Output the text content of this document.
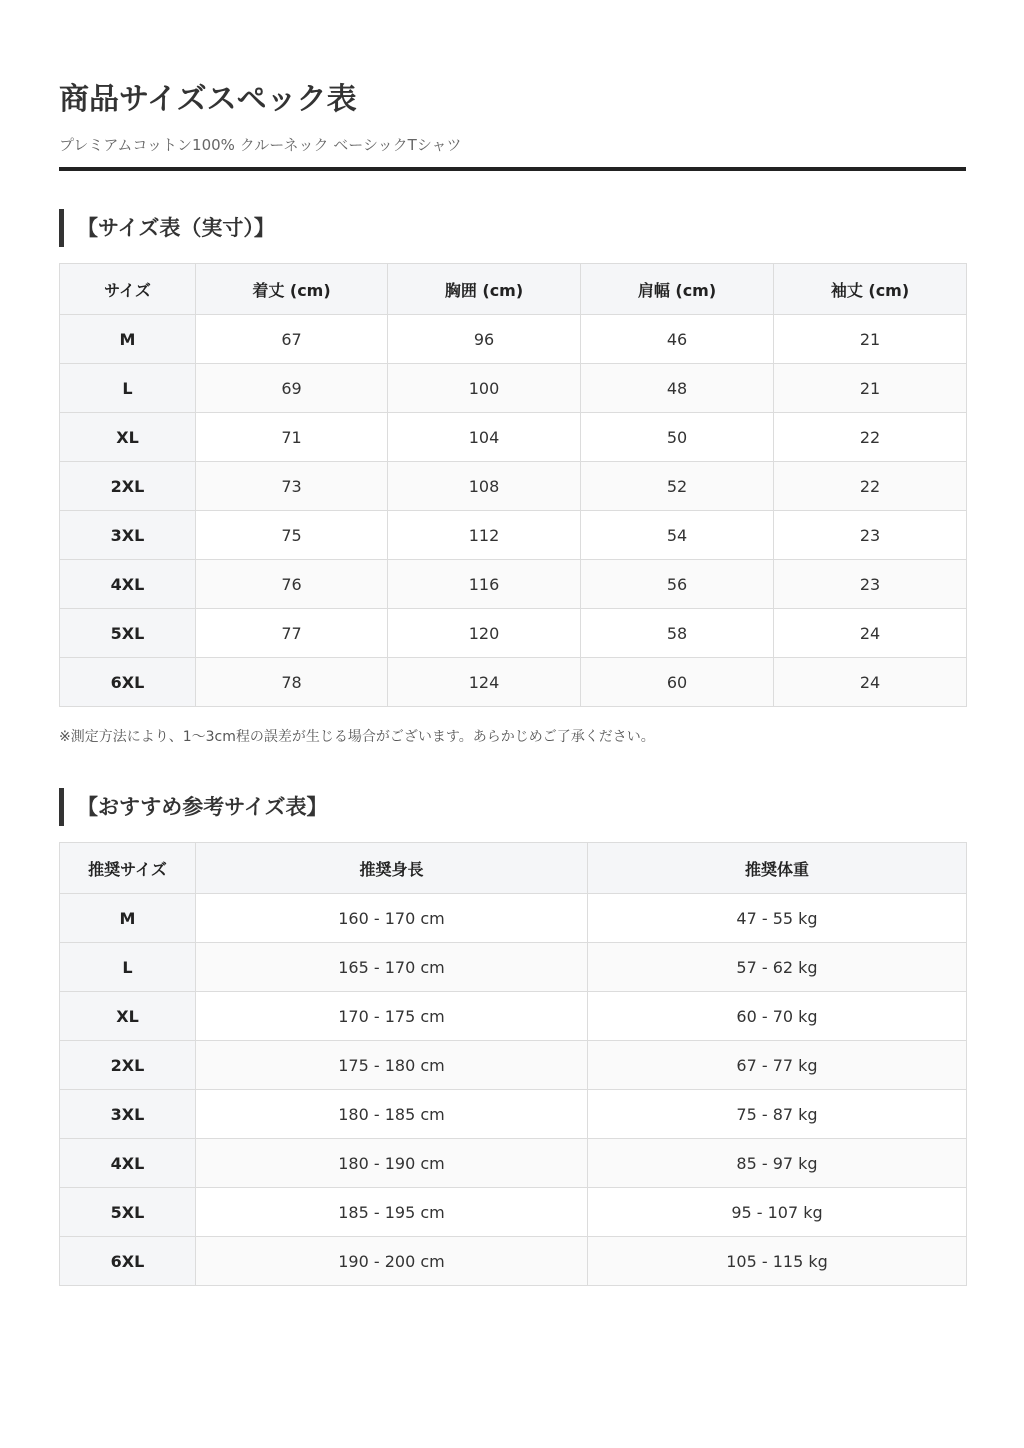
商品サイズスペック表

プレミアムコットン100% クルーネック ベーシックTシャツ

【サイズ表（実寸）】
サイズ	着丈 (cm)	胸囲 (cm)	肩幅 (cm)	袖丈 (cm)
M	67	96	46	21
L	69	100	48	21
XL	71	104	50	22
2XL	73	108	52	22
3XL	75	112	54	23
4XL	76	116	56	23
5XL	77	120	58	24
6XL	78	124	60	24

※測定方法により、1〜3cm程の誤差が生じる場合がございます。あらかじめご了承ください。

【おすすめ参考サイズ表】
推奨サイズ	推奨身長	推奨体重
M	160 - 170 cm	47 - 55 kg
L	165 - 170 cm	57 - 62 kg
XL	170 - 175 cm	60 - 70 kg
2XL	175 - 180 cm	67 - 77 kg
3XL	180 - 185 cm	75 - 87 kg
4XL	180 - 190 cm	85 - 97 kg
5XL	185 - 195 cm	95 - 107 kg
6XL	190 - 200 cm	105 - 115 kg
